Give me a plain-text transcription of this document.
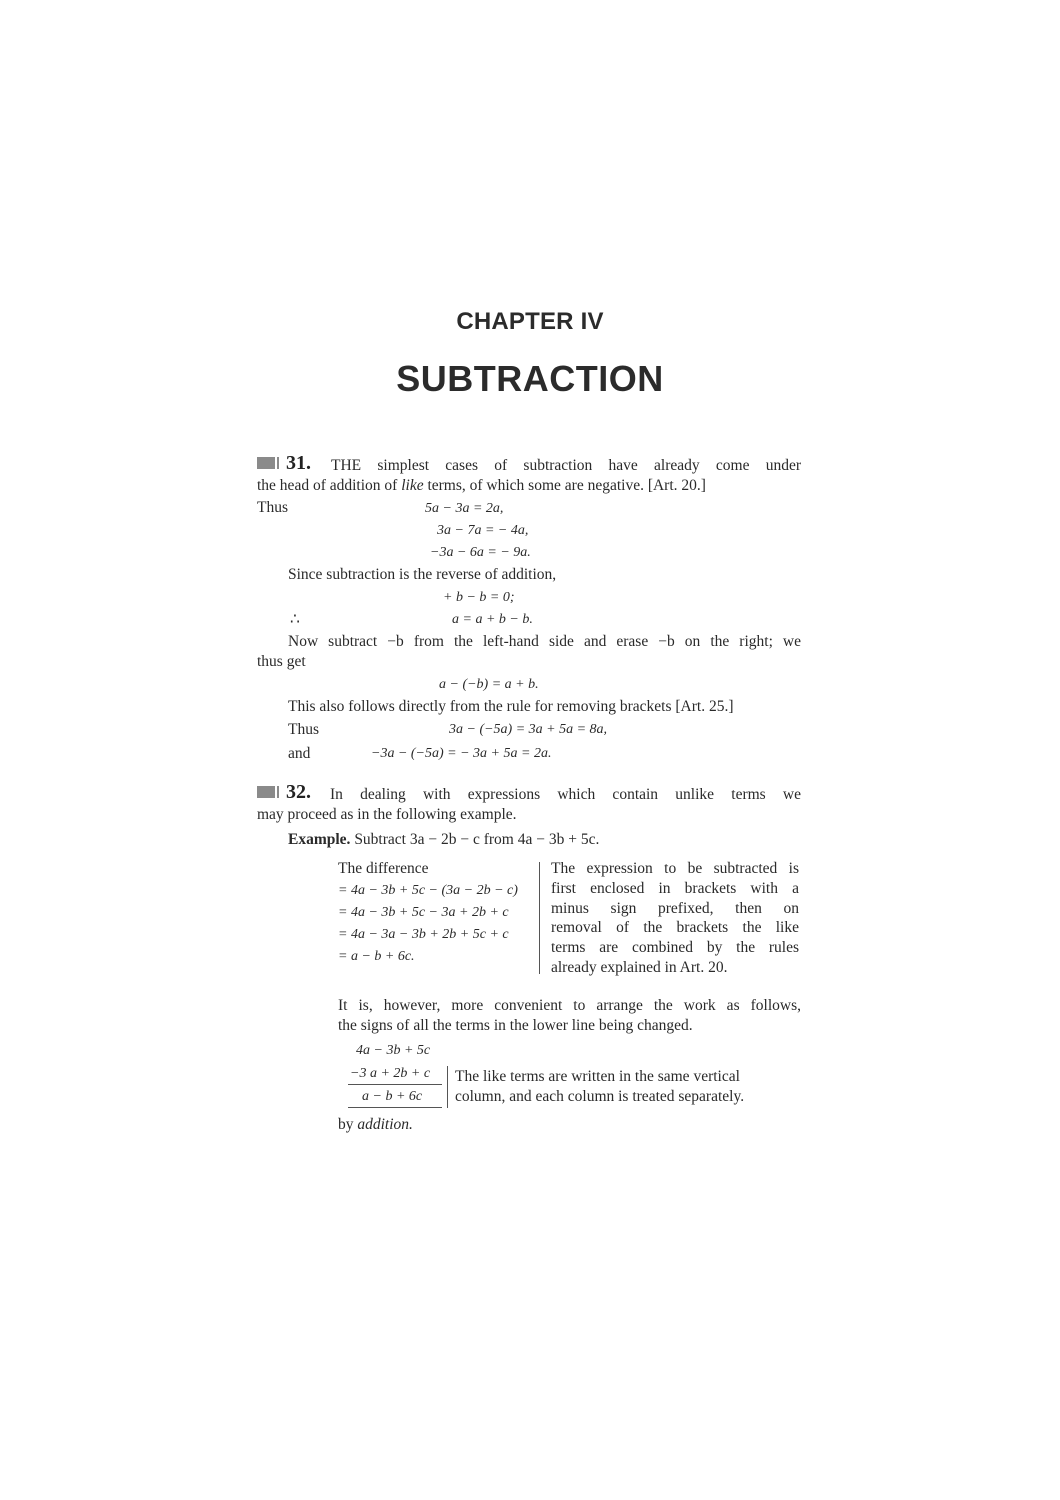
CHAPTER IV
SUBTRACTION
31. THE simplest cases of subtraction have already come under
the head of addition of like terms, of which some are negative. [Art. 20.]
Thus	5a − 3a = 2a,
3a − 7a = − 4a,
−3a − 6a = − 9a.
Since subtraction is the reverse of addition,
+ b − b = 0;
∴	a = a + b − b.
Now subtract −b from the left-hand side and erase −b on the right; we
thus get
a − (−b) = a + b.
This also follows directly from the rule for removing brackets [Art. 25.]
Thus	3a − (−5a) = 3a + 5a = 8a,
and	−3a − (−5a) = − 3a + 5a = 2a.
32. In dealing with expressions which contain unlike terms we
may proceed as in the following example.
Example. Subtract 3a − 2b − c from 4a − 3b + 5c.
The difference
= 4a − 3b + 5c − (3a − 2b − c)
= 4a − 3b + 5c − 3a + 2b + c
= 4a − 3a − 3b + 2b + 5c + c
= a − b + 6c.
The expression to be subtracted is
first enclosed in brackets with a
minus sign prefixed, then on
removal of the brackets the like
terms are combined by the rules
already explained in Art. 20.
It is, however, more convenient to arrange the work as follows,
the signs of all the terms in the lower line being changed.
4a − 3b + 5c
−3 a + 2b + c
a − b + 6c
The like terms are written in the same vertical
column, and each column is treated separately.
by addition.
